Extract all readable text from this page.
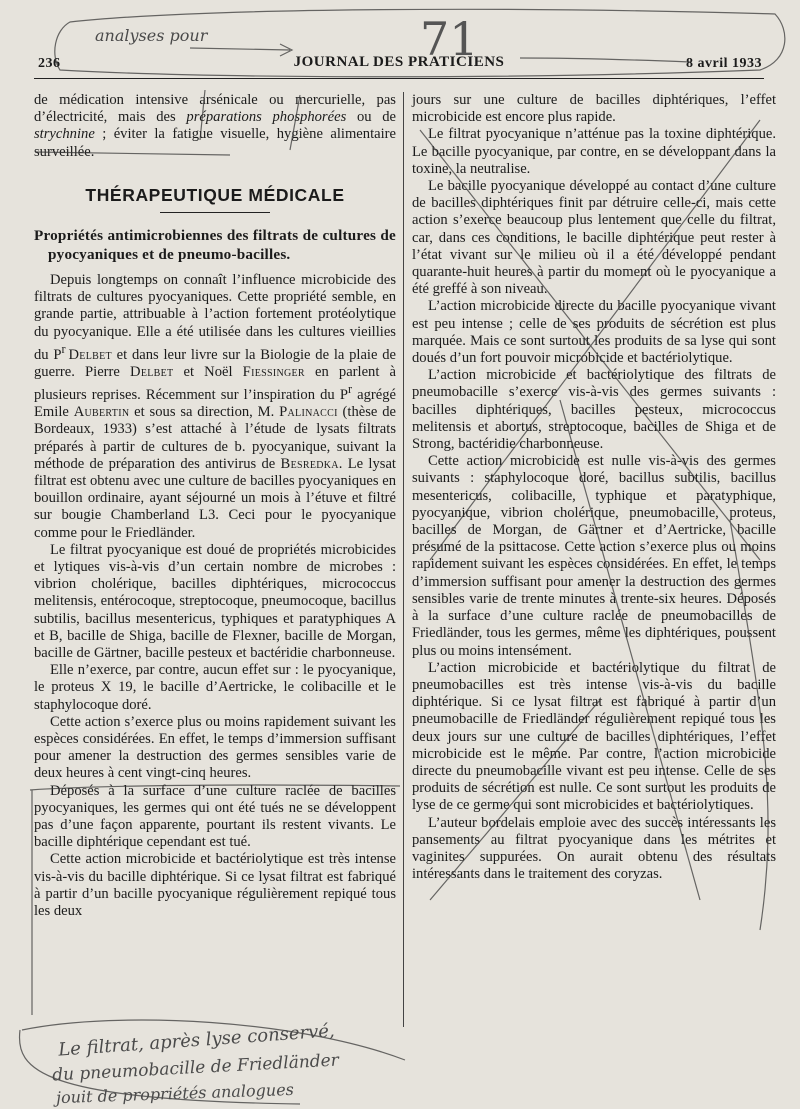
236	JOURNAL DES PRATICIENS	8 avril 1933

de médication intensive arsénicale ou mercurielle, pas d’électricité, mais des préparations phosphorées ou de strychnine ; éviter la fatigue visuelle, hygiène alimentaire surveillée.

THÉRAPEUTIQUE MÉDICALE
Propriétés antimicrobiennes des filtrats de cultures de pyocyaniques et de pneumo-bacilles.

Depuis longtemps on connaît l’influence microbicide des filtrats de cultures pyocyaniques. Cette propriété semble, en grande partie, attribuable à l’action fortement protéolytique du pyocyanique. Elle a été utilisée dans les cultures vieillies du $P^r$  Delbet et dans leur livre sur la Biologie de la plaie de guerre. Pierre Delbet et Noël Fiessinger en parlent à plusieurs reprises. Récemment sur l’inspiration du $P^r$ agrégé Emile Aubertin et sous sa direction, M. Palinacci (thèse de Bordeaux, 1933) s’est attaché à l’étude de lysats filtrats préparés à partir de cultures de b. pyocyanique, suivant la méthode de préparation des antivirus de Besredka. Le lysat filtrat est obtenu avec une culture de bacilles pyocyaniques en bouillon ordinaire, ayant séjourné un mois à l’étuve et filtré sur bougie Chamberland L3. Ceci pour le pyocyanique comme pour le Friedländer.

Le filtrat pyocyanique est doué de propriétés microbicides et lytiques vis-à-vis d’un certain nombre de microbes : vibrion cholérique, bacilles diphtériques, micrococcus melitensis, entérocoque, streptocoque, pneumocoque, bacillus subtilis, bacillus mesentericus, typhiques et paratyphiques A et B, bacille de Shiga, bacille de Flexner, bacille de Morgan, bacille de Gärtner, bacille pesteux et bactéridie charbonneuse.

Elle n’exerce, par contre, aucun effet sur : le pyocyanique, le proteus X 19, le bacille d’Aertricke, le colibacille et le staphylocoque doré.

Cette action s’exerce plus ou moins rapidement suivant les espèces considérées. En effet, le temps d’immersion suffisant pour amener la destruction des germes sensibles varie de deux heures à cent vingt-cinq heures.

Déposés à la surface d’une culture raclée de bacilles pyocyaniques, les germes qui ont été tués ne se développent pas d’une façon apparente, pourtant ils restent vivants. Le bacille diphtérique cependant est tué.

Cette action microbicide et bactériolytique est très intense vis-à-vis du bacille diphtérique. Si ce lysat filtrat est fabriqué à partir d’un bacille pyocyanique régulièrement repiqué tous les deux

jours sur une culture de bacilles diphtériques, l’effet microbicide est encore plus rapide.

Le filtrat pyocyanique n’atténue pas la toxine diphtérique. Le bacille pyocyanique, par contre, en se développant dans la toxine, la neutralise.

Le bacille pyocyanique développé au contact d’une culture de bacilles diphtériques finit par détruire celle-ci, mais cette action s’exerce beaucoup plus lentement que celle du filtrat, car, dans ces conditions, le bacille diphtérique peut rester à l’état vivant sur le milieu où il a été développé pendant quarante-huit heures à partir du moment où le pyocyanique a été greffé à son niveau.

L’action microbicide directe du bacille pyocyanique vivant est peu intense ; celle de ses produits de sécrétion est plus marquée. Mais ce sont surtout les produits de sa lyse qui sont doués d’un fort pouvoir microbicide et bactériolytique.

L’action microbicide et bactériolytique des filtrats de pneumobacille s’exerce vis-à-vis des germes suivants : bacilles diphtériques, bacilles pesteux, micrococcus melitensis et abortus, streptocoque, bacilles de Shiga et de Strong, bactéridie charbonneuse.

Cette action microbicide est nulle vis-à-vis des germes suivants : staphylocoque doré, bacillus subtilis, bacillus mesentericus, colibacille, typhique et paratyphique, pyocyanique, vibrion cholérique, pneumobacille, proteus, bacilles de Morgan, de Gärtner et d’Aertricke, bacille présumé de la psittacose. Cette action s’exerce plus ou moins rapidement suivant les espèces considérées. En effet, le temps d’immersion suffisant pour amener la destruction des germes sensibles varie de trente minutes à trente-six heures. Déposés à la surface d’une culture raclée de pneumobacilles de Friedländer, tous les germes, même les diphtériques, poussent plus ou moins intensément.

L’action microbicide et bactériolytique du filtrat de pneumobacilles est très intense vis-à-vis du bacille diphtérique. Si ce lysat filtrat est fabriqué à partir d’un pneumobacille de Friedländer régulièrement repiqué tous les deux jours sur une culture de bacilles diphtériques, l’effet microbicide est le même. Par contre, l’action microbicide directe du pneumobacille vivant est peu intense. Celle de ses produits de sécrétion est nulle. Ce sont surtout les produits de lyse de ce germe qui sont microbicides et bactériolytiques.

L’auteur bordelais emploie avec des succès intéressants les pansements au filtrat pyocyanique dans les métrites et vaginites suppurées. On aurait obtenu des résultats intéressants dans le traitement des coryzas.

analyses pour	71
Le filtrat, après lyse conservé,
du pneumobacille de Friedländer
jouit de propriétés analogues
